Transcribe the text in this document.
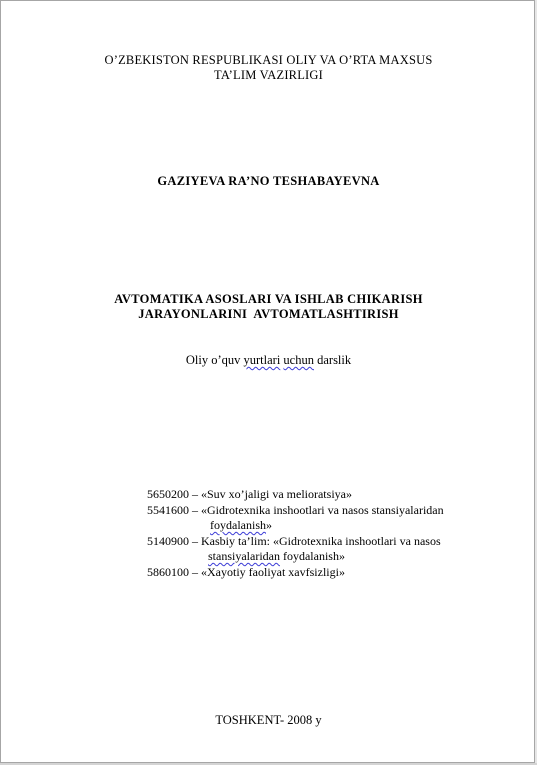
O’ZBEKISTON RESPUBLIKASI OLIY VA O’RTA MAXSUS
TA’LIM VAZIRLIGI
GAZIYEVA RA’NO TESHABAYEVNA
AVTOMATIKA ASOSLARI VA ISHLAB CHIKARISH
JARAYONLARINI  AVTOMATLASHTIRISH
Oliy o’quv yurtlari uchun darslik
5650200 – «Suv xo’jaligi va melioratsiya»
5541600 – «Gidrotexnika inshootlari va nasos stansiyalaridan
foydalanish»
5140900 – Kasbiy ta’lim: «Gidrotexnika inshootlari va nasos
stansiyalaridan foydalanish»
5860100 – «Xayotiy faoliyat xavfsizligi»
TOSHKENT- 2008 y
